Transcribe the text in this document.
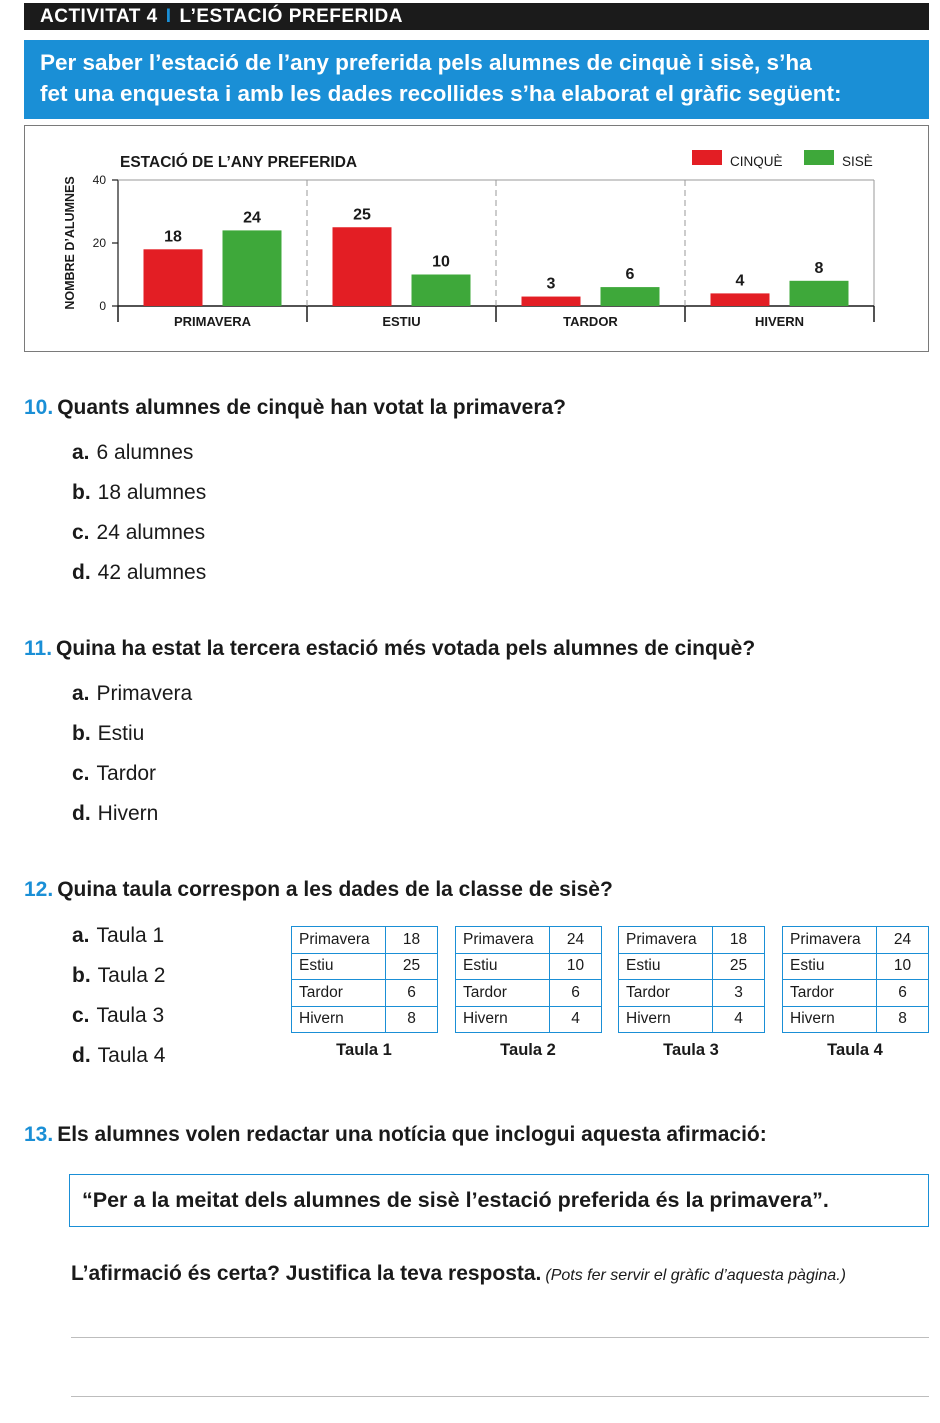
ACTIVITAT 4 I L’ESTACIÓ PREFERIDA
Per saber l’estació de l’any preferida pels alumnes de cinquè i sisè, s’ha
fet una enquesta i amb les dades recollides s’ha elaborat el gràfic següent:
ESTACIÓ DE L’ANY PREFERIDA	CINQUÈ	SISÈ
0
20
40
NOMBRE D’ALUMNES	18
24
PRIMAVERA
25
10
ESTIU
3
6
TARDOR
4
8
HIVERN
10. Quants alumnes de cinquè han votat la primavera?
a. 6 alumnes
b. 18 alumnes
c. 24 alumnes
d. 42 alumnes
11. Quina ha estat la tercera estació més votada pels alumnes de cinquè?
a. Primavera
b. Estiu
c. Tardor
d. Hivern
12. Quina taula correspon a les dades de la classe de sisè?
a. Taula 1
b. Taula 2
c. Taula 3
d. Taula 4
Primavera	18
Estiu	25
Tardor	6
Hivern	8
Primavera	24
Estiu	10
Tardor	6
Hivern	4
Primavera	18
Estiu	25
Tardor	3
Hivern	4
Primavera	24
Estiu	10
Tardor	6
Hivern	8
Taula 1	Taula 2	Taula 3	Taula 4
13. Els alumnes volen redactar una notícia que inclogui aquesta afirmació:
“Per a la meitat dels alumnes de sisè l’estació preferida és la primavera”.
L’afirmació és certa? Justifica la teva resposta. (Pots fer servir el gràfic d’aquesta pàgina.)
